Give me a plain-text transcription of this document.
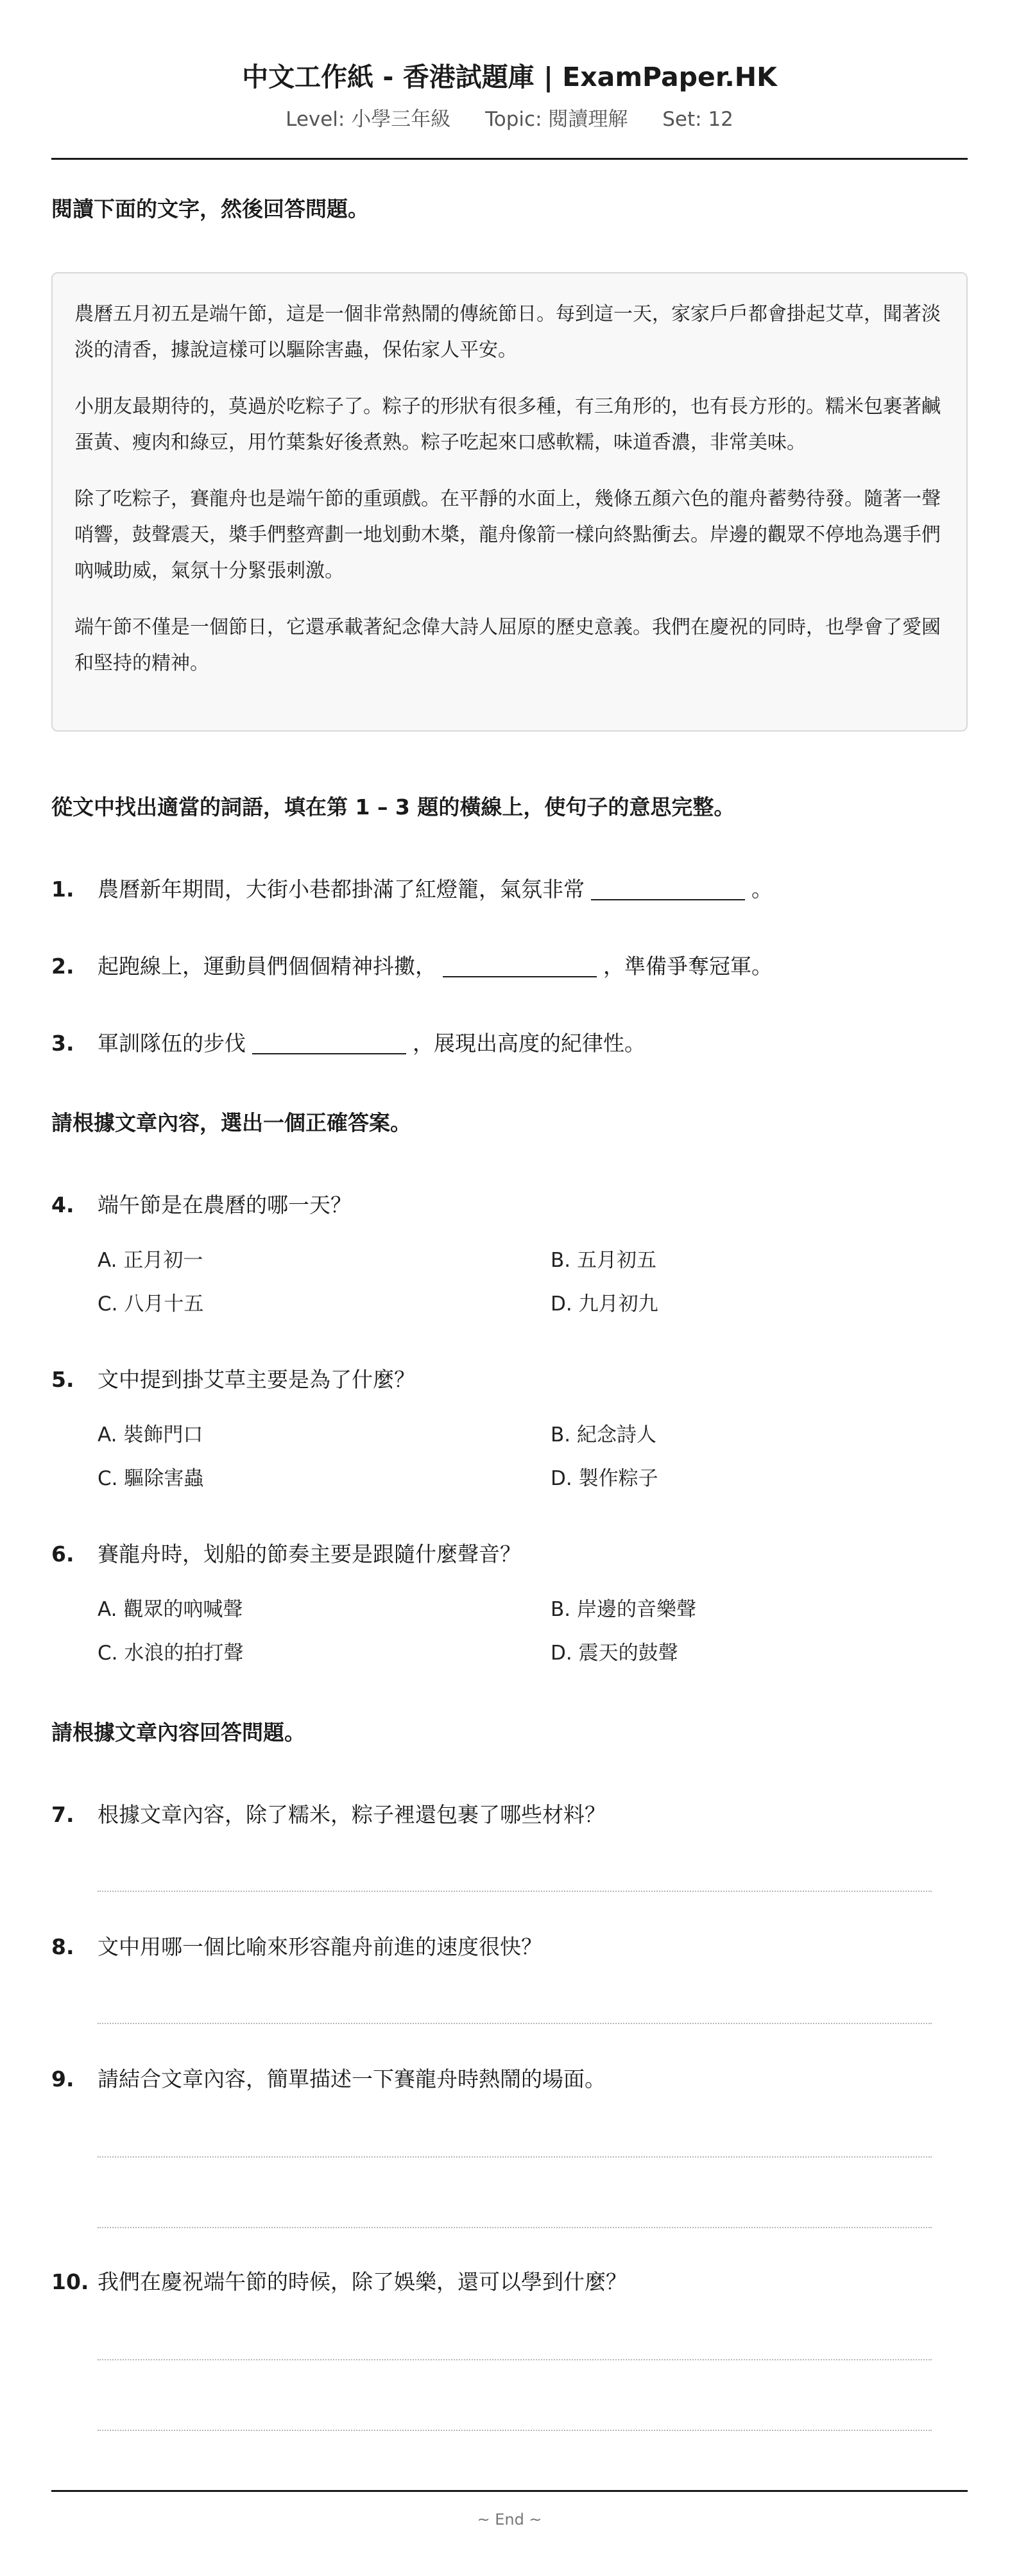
中文工作紙 - 香港試題庫 | ExamPaper.HK
Level: 小學三年級 Topic: 閱讀理解 Set: 12
閱讀下面的文字，然後回答問題。

農曆五月初五是端午節，這是一個非常熱鬧的傳統節日。每到這一天，家家戶戶都會掛起艾草，聞著淡淡的清香，據說這樣可以驅除害蟲，保佑家人平安。

小朋友最期待的，莫過於吃粽子了。粽子的形狀有很多種，有三角形的，也有長方形的。糯米包裹著鹹蛋黃、瘦肉和綠豆，用竹葉紮好後煮熟。粽子吃起來口感軟糯，味道香濃，非常美味。

除了吃粽子，賽龍舟也是端午節的重頭戲。在平靜的水面上，幾條五顏六色的龍舟蓄勢待發。隨著一聲哨響，鼓聲震天，槳手們整齊劃一地划動木槳，龍舟像箭一樣向終點衝去。岸邊的觀眾不停地為選手們吶喊助威，氣氛十分緊張刺激。

端午節不僅是一個節日，它還承載著紀念偉大詩人屈原的歷史意義。我們在慶祝的同時，也學會了愛國和堅持的精神。

從文中找出適當的詞語，填在第 1 – 3 題的橫線上，使句子的意思完整。
1. 農曆新年期間，大街小巷都掛滿了紅燈籠，氣氛非常	。
2. 起跑線上，運動員們個個精神抖擻，	，準備爭奪冠軍。
3. 軍訓隊伍的步伐	，展現出高度的紀律性。
請根據文章內容，選出一個正確答案。
4. 端午節是在農曆的哪一天？
A. 正月初一	B. 五月初五
C. 八月十五	D. 九月初九
5. 文中提到掛艾草主要是為了什麼？
A. 裝飾門口	B. 紀念詩人
C. 驅除害蟲	D. 製作粽子
6. 賽龍舟時，划船的節奏主要是跟隨什麼聲音？
A. 觀眾的吶喊聲	B. 岸邊的音樂聲
C. 水浪的拍打聲	D. 震天的鼓聲
請根據文章內容回答問題。
7. 根據文章內容，除了糯米，粽子裡還包裹了哪些材料？
8. 文中用哪一個比喻來形容龍舟前進的速度很快？
9. 請結合文章內容，簡單描述一下賽龍舟時熱鬧的場面。
10. 我們在慶祝端午節的時候，除了娛樂，還可以學到什麼？
~ End ~
